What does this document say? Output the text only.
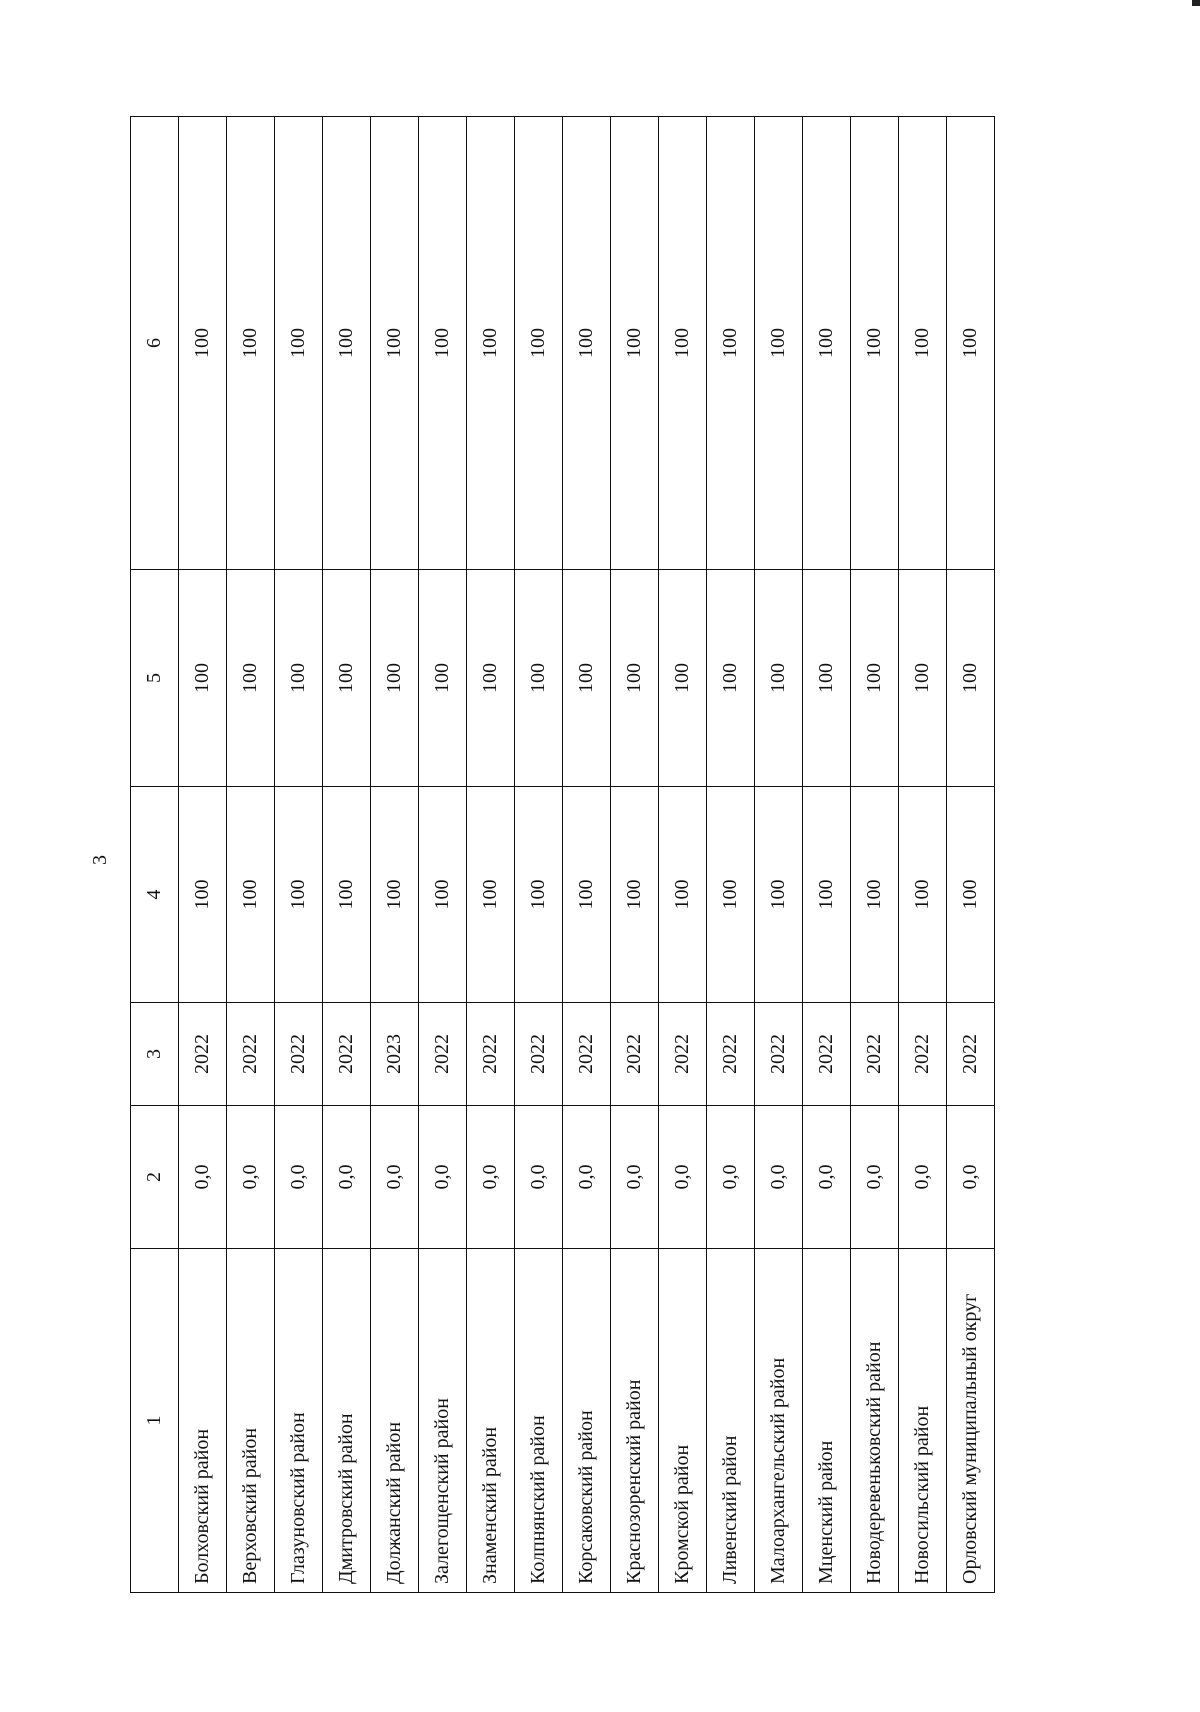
3
1	2	3	4	5	6
Болховский район	0,0	2022	100	100	100
Верховский район	0,0	2022	100	100	100
Глазуновский район	0,0	2022	100	100	100
Дмитровский район	0,0	2022	100	100	100
Должанский район	0,0	2023	100	100	100
Залегощенский район	0,0	2022	100	100	100
Знаменский район	0,0	2022	100	100	100
Колпнянский район	0,0	2022	100	100	100
Корсаковский район	0,0	2022	100	100	100
Краснозоренский район	0,0	2022	100	100	100
Кромской район	0,0	2022	100	100	100
Ливенский район	0,0	2022	100	100	100
Малоархангельский район	0,0	2022	100	100	100
Мценский район	0,0	2022	100	100	100
Новодеревеньковский район	0,0	2022	100	100	100
Новосильский район	0,0	2022	100	100	100
Орловский муниципальный округ	0,0	2022	100	100	100
